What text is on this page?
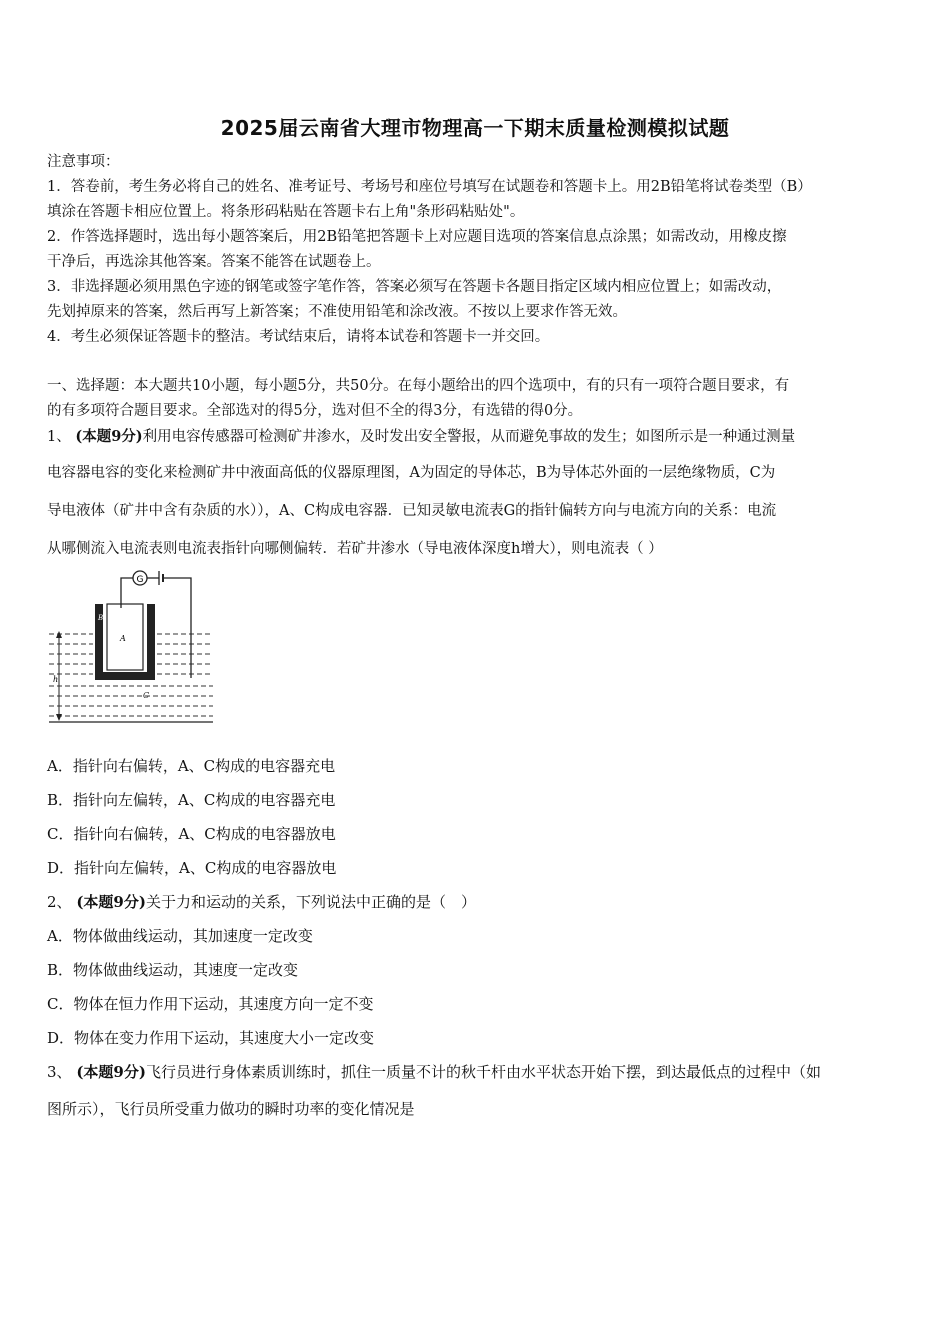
2025届云南省大理市物理高一下期末质量检测模拟试题
注意事项：
1．答卷前，考生务必将自己的姓名、准考证号、考场号和座位号填写在试题卷和答题卡上。用2B铅笔将试卷类型（B）
填涂在答题卡相应位置上。将条形码粘贴在答题卡右上角"条形码粘贴处"。
2．作答选择题时，选出每小题答案后，用2B铅笔把答题卡上对应题目选项的答案信息点涂黑；如需改动，用橡皮擦
干净后，再选涂其他答案。答案不能答在试题卷上。
3．非选择题必须用黑色字迹的钢笔或签字笔作答，答案必须写在答题卡各题目指定区域内相应位置上；如需改动，
先划掉原来的答案，然后再写上新答案；不准使用铅笔和涂改液。不按以上要求作答无效。
4．考生必须保证答题卡的整洁。考试结束后，请将本试卷和答题卡一并交回。
一、选择题：本大题共10小题，每小题5分，共50分。在每小题给出的四个选项中，有的只有一项符合题目要求，有
的有多项符合题目要求。全部选对的得5分，选对但不全的得3分，有选错的得0分。
1、 (本题9分)利用电容传感器可检测矿井渗水，及时发出安全警报，从而避免事故的发生；如图所示是一种通过测量
电容器电容的变化来检测矿井中液面高低的仪器原理图，A为固定的导体芯，B为导体芯外面的一层绝缘物质，C为
导电液体（矿井中含有杂质的水）），A、C构成电容器．已知灵敏电流表G的指针偏转方向与电流方向的关系：电流
从哪侧流入电流表则电流表指针向哪侧偏转．若矿井渗水（导电液体深度h增大），则电流表（ ）
G
A
B
h
C
A．指针向右偏转，A、C构成的电容器充电
B．指针向左偏转，A、C构成的电容器充电
C．指针向右偏转，A、C构成的电容器放电
D．指针向左偏转，A、C构成的电容器放电
2、 (本题9分)关于力和运动的关系，下列说法中正确的是（　）
A．物体做曲线运动，其加速度一定改变
B．物体做曲线运动，其速度一定改变
C．物体在恒力作用下运动，其速度方向一定不变
D．物体在变力作用下运动，其速度大小一定改变
3、 (本题9分)飞行员进行身体素质训练时，抓住一质量不计的秋千杆由水平状态开始下摆，到达最低点的过程中（如
图所示），飞行员所受重力做功的瞬时功率的变化情况是
